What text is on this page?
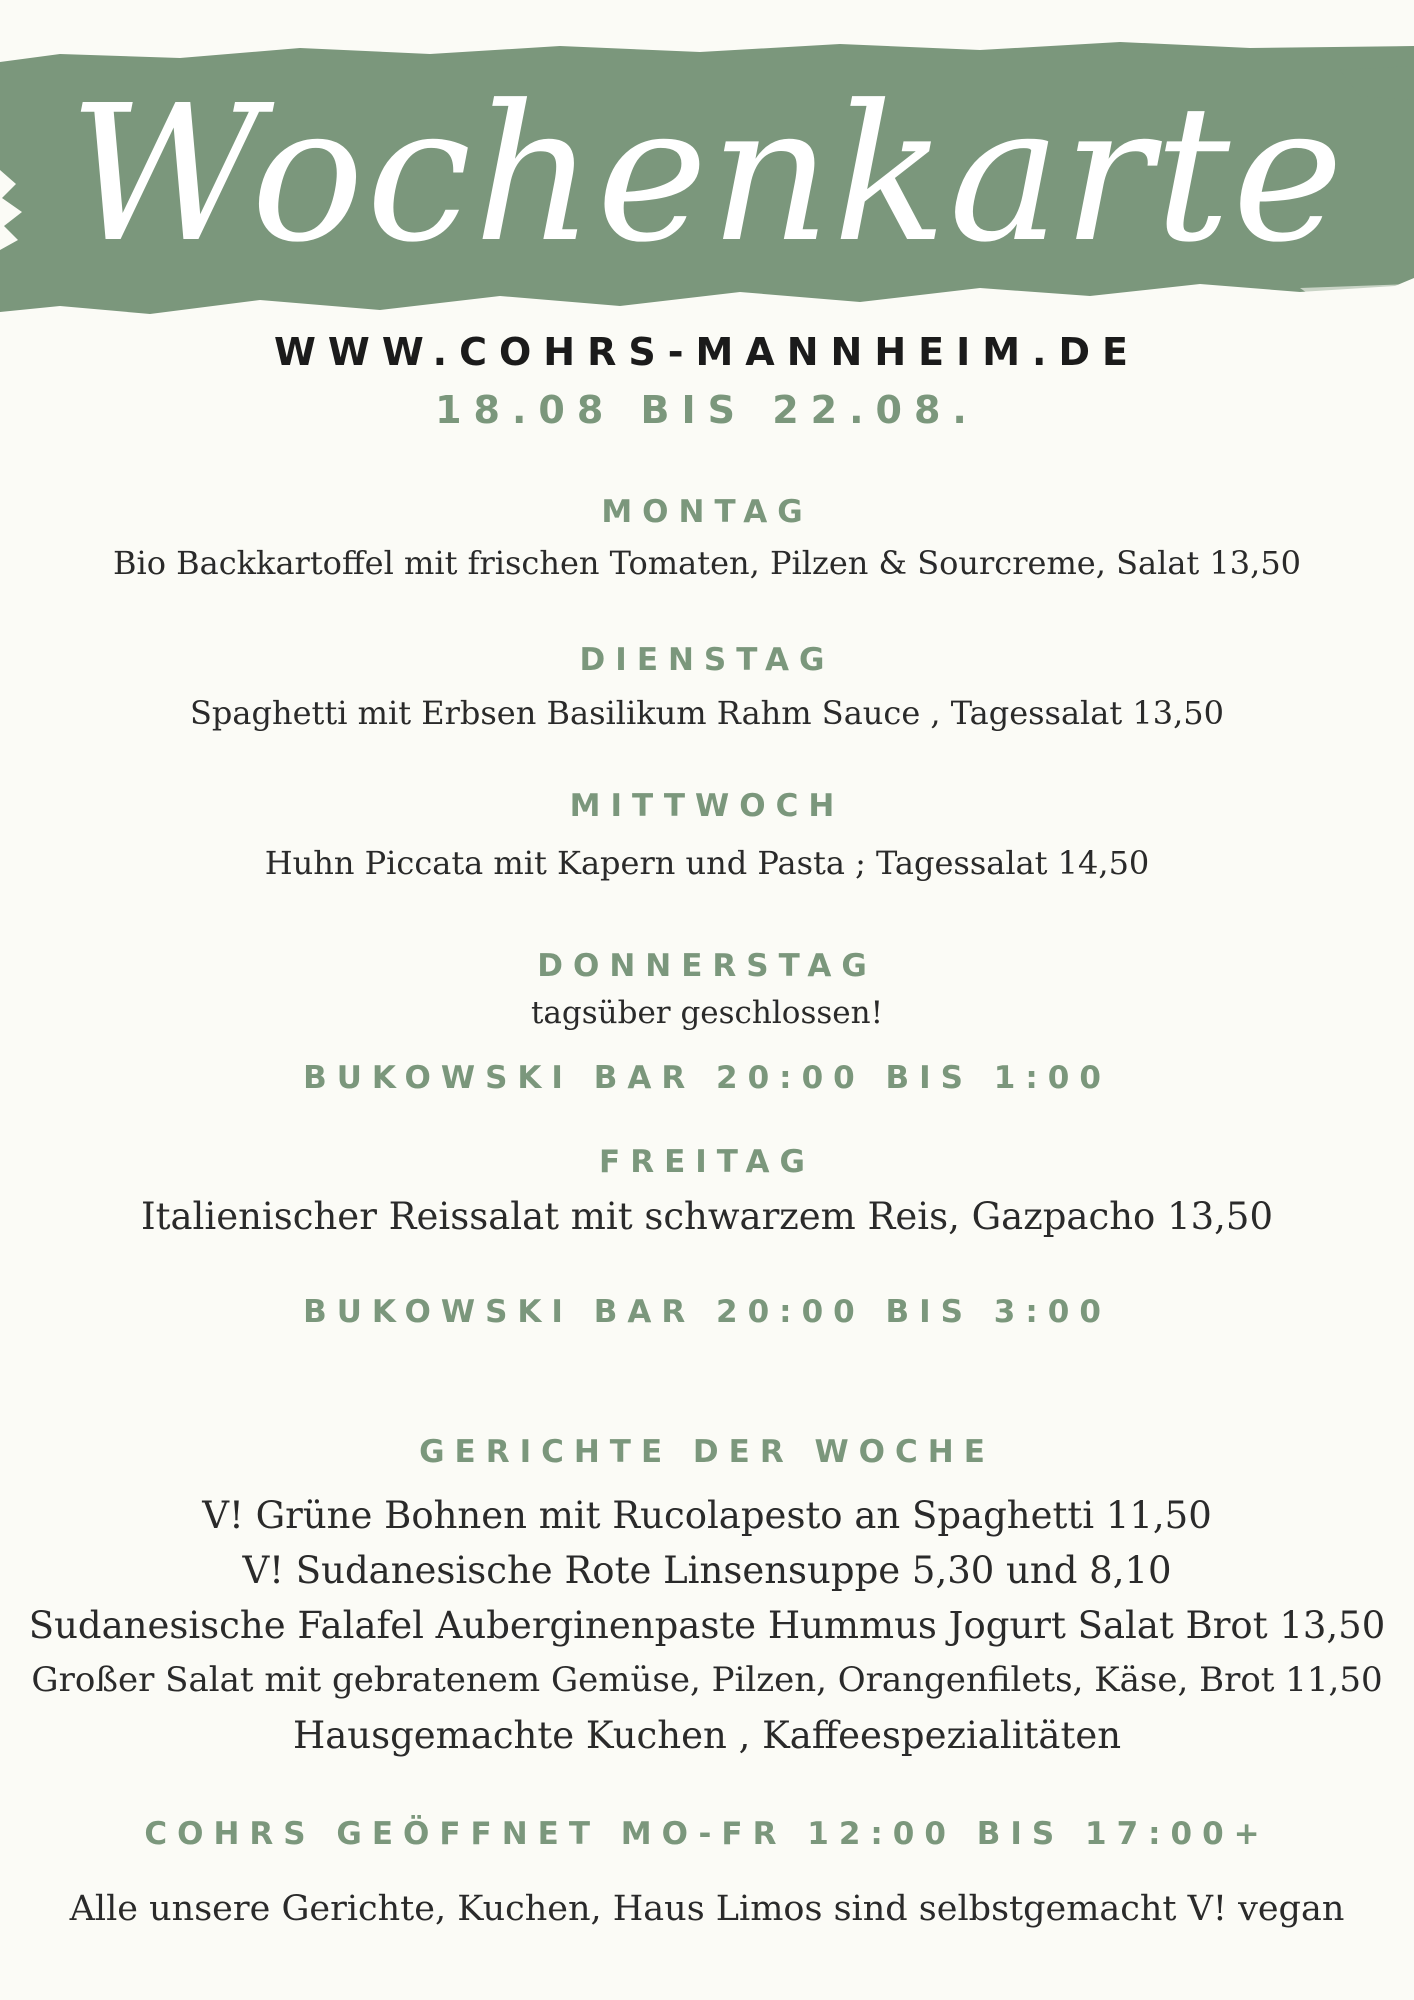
Wochenkarte
WWW.COHRS-MANNHEIM.DE
18.08 BIS 22.08.
MONTAG
Bio Backkartoffel mit frischen Tomaten, Pilzen & Sourcreme, Salat 13,50
DIENSTAG
Spaghetti mit Erbsen Basilikum Rahm Sauce , Tagessalat 13,50
MITTWOCH
Huhn Piccata mit Kapern und Pasta ; Tagessalat 14,50
DONNERSTAG
tagsüber geschlossen!
BUKOWSKI BAR 20:00 BIS 1:00
FREITAG
Italienischer Reissalat mit schwarzem Reis, Gazpacho 13,50
BUKOWSKI BAR 20:00 BIS 3:00
GERICHTE DER WOCHE
V! Grüne Bohnen mit Rucolapesto an Spaghetti 11,50
V! Sudanesische Rote Linsensuppe 5,30 und 8,10
Sudanesische Falafel Auberginenpaste Hummus Jogurt Salat Brot 13,50
Großer Salat mit gebratenem Gemüse, Pilzen, Orangenfilets, Käse, Brot 11,50
Hausgemachte Kuchen , Kaffeespezialitäten
COHRS GEÖFFNET MO-FR 12:00 BIS 17:00+
Alle unsere Gerichte, Kuchen, Haus Limos sind selbstgemacht V! vegan
